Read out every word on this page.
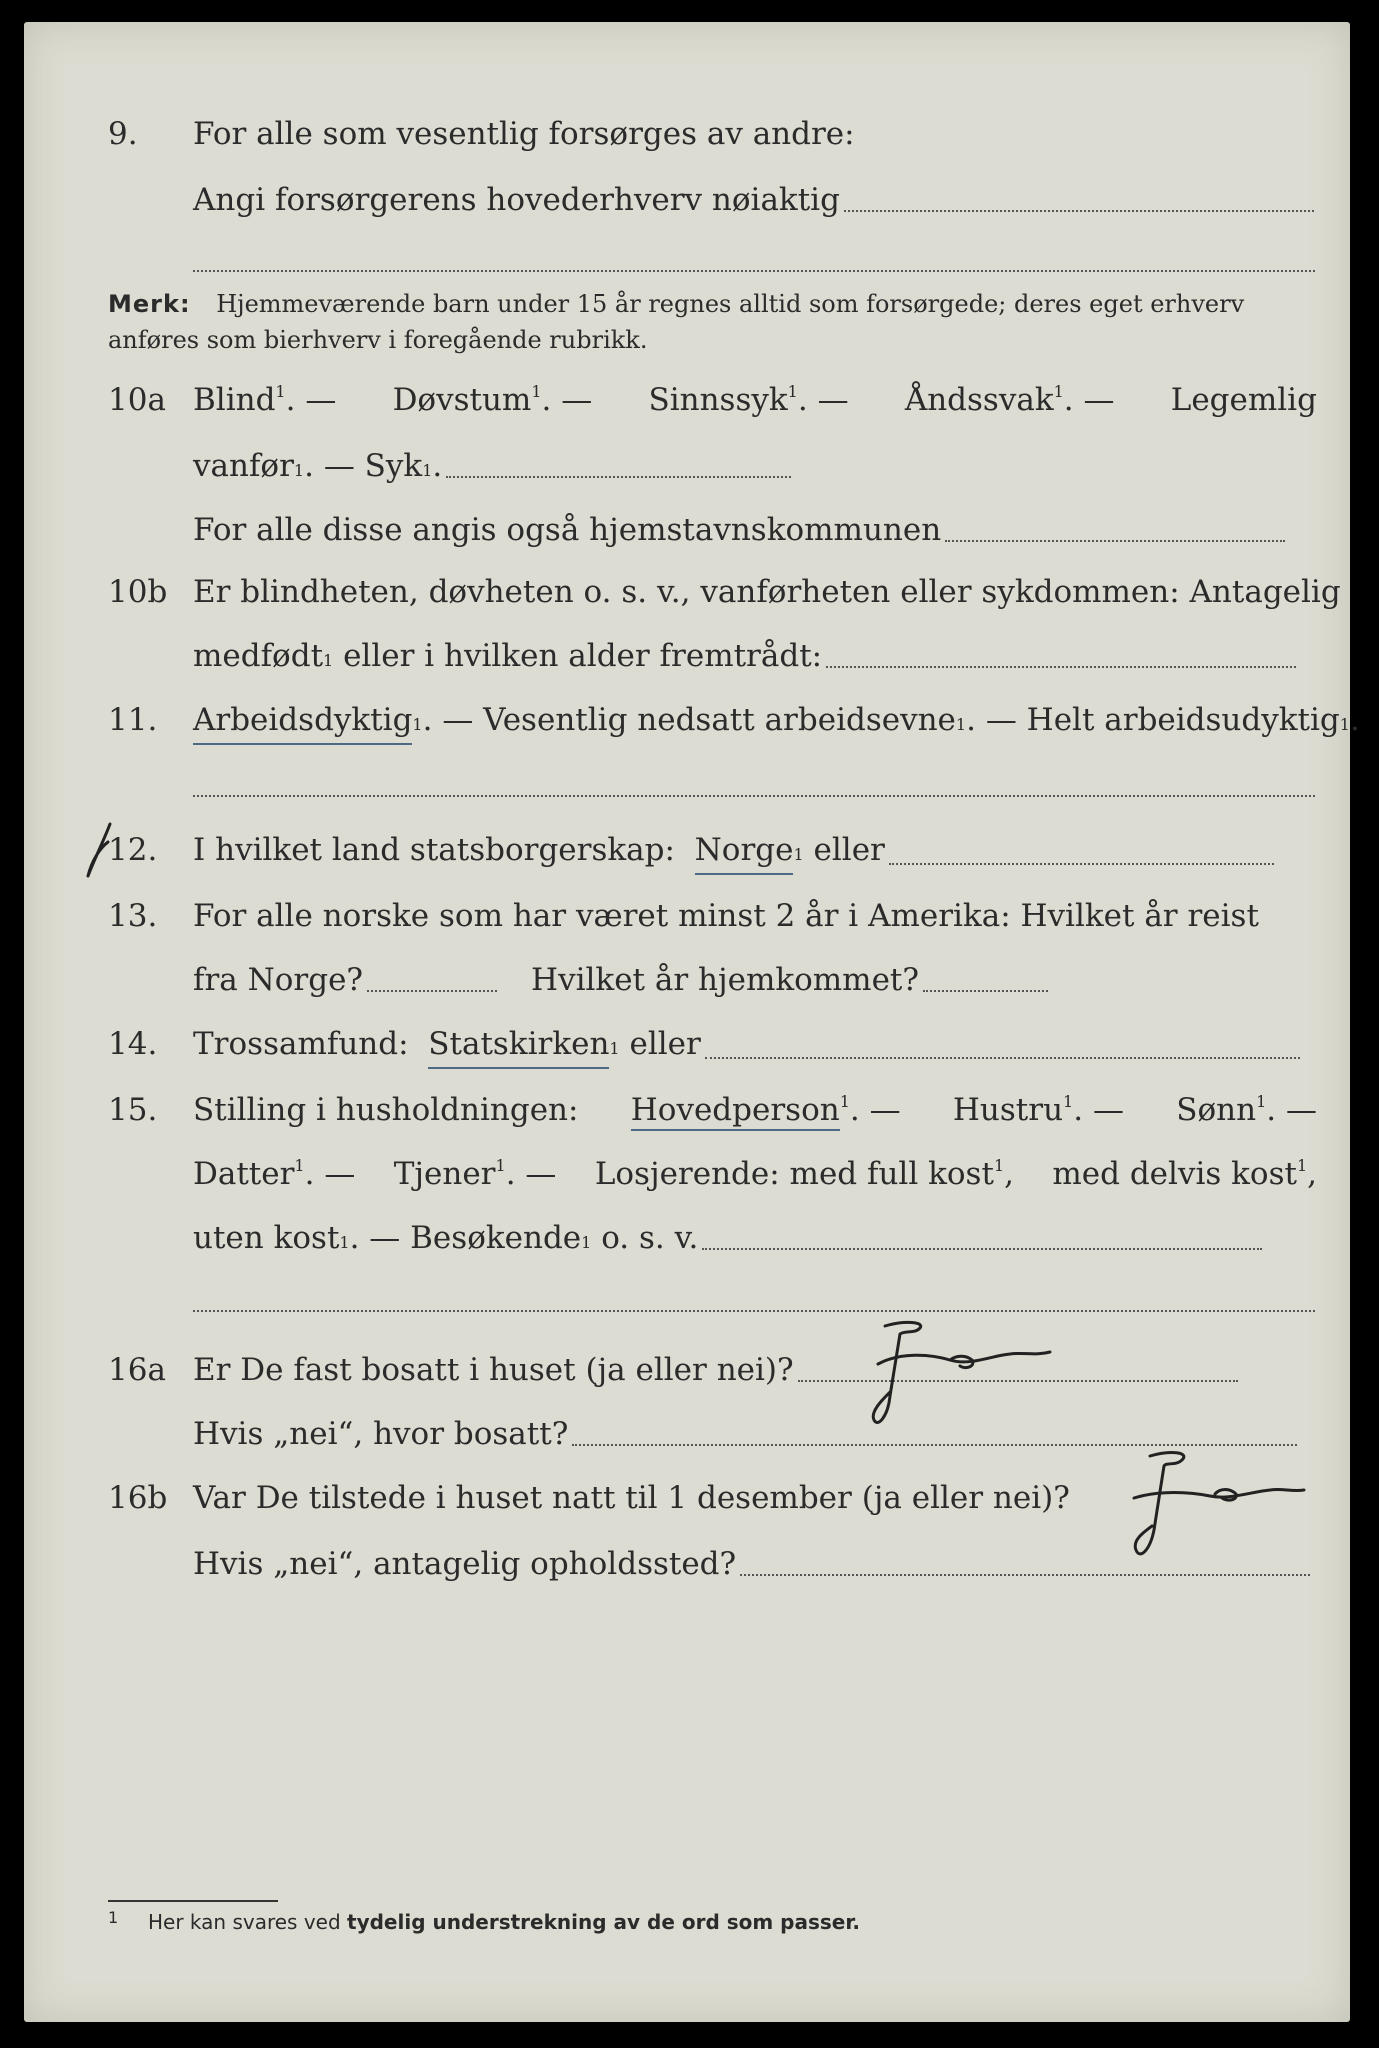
9. For alle som vesentlig forsørges av andre:
Angi forsørgerens hovederhverv nøiaktig
Merk: Hjemmeværende barn under 15 år regnes alltid som forsørgede; deres eget erhverv anføres som bierhverv i foregående rubrikk.
10a Blind$^1$. — Døvstum$^1$. — Sinnssyk$^1$. — Åndssvak$^1$. — Legemlig
vanfør 1 . — Syk 1 .
For alle disse angis også hjemstavnskommunen
10b Er blindheten, døvheten o. s. v., vanførheten eller sykdommen: Antagelig
medfødt 1
eller i hvilken alder fremtrådt:
11. Arbeidsdyktig 1 . — Vesentlig nedsatt arbeidsevne 1 . — Helt arbeidsudyktig 1 .
12. I hvilket land statsborgerskap:
Norge 1
eller
13. For alle norske som har været minst 2 år i Amerika: Hvilket år reist
fra Norge?	Hvilket år hjemkommet?
14. Trossamfund:
Statskirken 1
eller
15. Stilling i husholdningen: Hovedperson$^1$. — Hustru$^1$. — Sønn$^1$. —
Datter$^1$. — Tjener$^1$. — Losjerende: med full kost$^1$, med delvis kost$^1$,
uten kost 1 . — Besøkende 1
o. s. v.
16a Er De fast bosatt i huset (ja eller nei)?
Hvis „nei“, hvor bosatt?
16b Var De tilstede i huset natt til 1 desember (ja eller nei)?
Hvis „nei“, antagelig opholdssted?
1 Her kan svares ved tydelig understrekning av de ord som passer.
